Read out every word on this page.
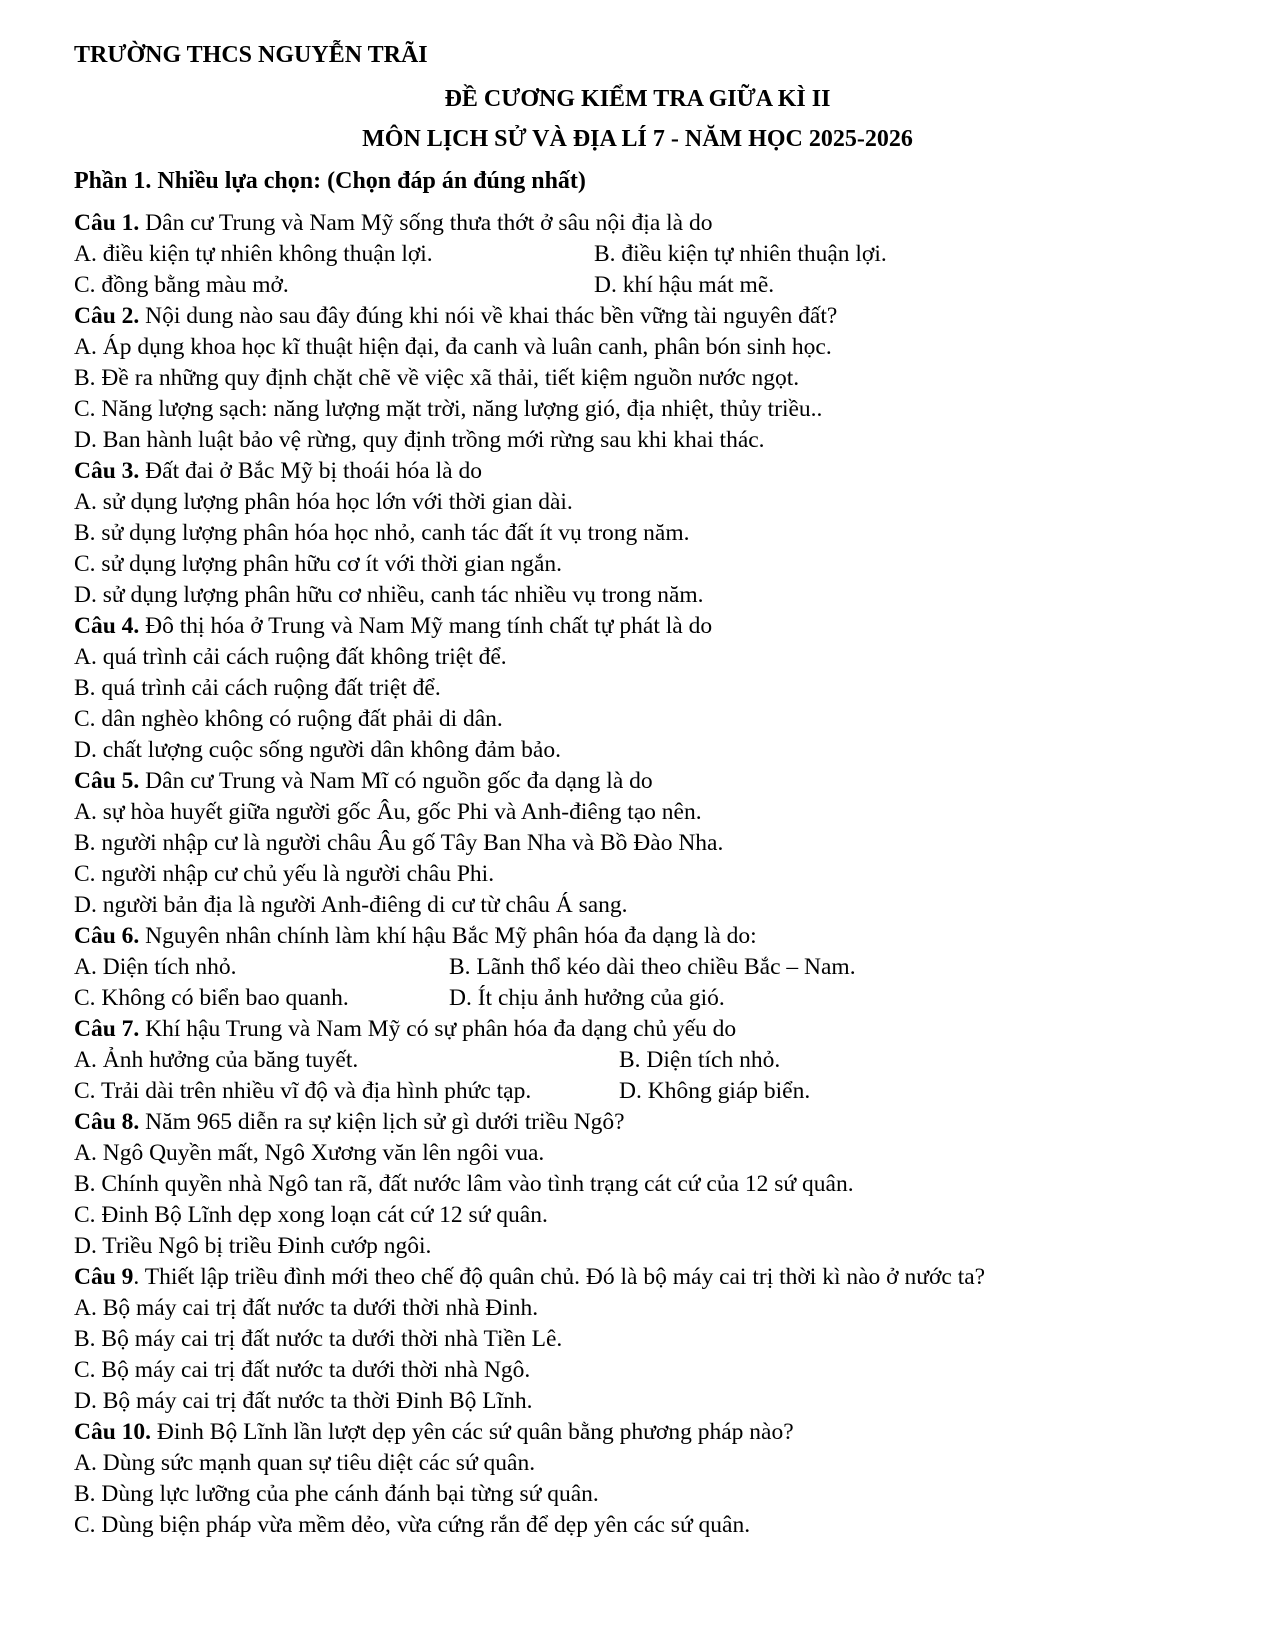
TRƯỜNG THCS NGUYỄN TRÃI
ĐỀ CƯƠNG KIỂM TRA GIỮA KÌ II
MÔN LỊCH SỬ VÀ ĐỊA LÍ 7 - NĂM HỌC 2025-2026
Phần 1. Nhiều lựa chọn: (Chọn đáp án đúng nhất)
Câu 1. Dân cư Trung và Nam Mỹ sống thưa thớt ở sâu nội địa là do
A. điều kiện tự nhiên không thuận lợi.	B. điều kiện tự nhiên thuận lợi.
C. đồng bằng màu mở.	D. khí hậu mát mẽ.
Câu 2. Nội dung nào sau đây đúng khi nói về khai thác bền vững tài nguyên đất?
A. Áp dụng khoa học kĩ thuật hiện đại, đa canh và luân canh, phân bón sinh học.
B. Đề ra những quy định chặt chẽ về việc xã thải, tiết kiệm nguồn nước ngọt.
C. Năng lượng sạch: năng lượng mặt trời, năng lượng gió, địa nhiệt, thủy triều..
D. Ban hành luật bảo vệ rừng, quy định trồng mới rừng sau khi khai thác.
Câu 3. Đất đai ở Bắc Mỹ bị thoái hóa là do
A. sử dụng lượng phân hóa học lớn với thời gian dài.
B. sử dụng lượng phân hóa học nhỏ, canh tác đất ít vụ trong năm.
C. sử dụng lượng phân hữu cơ ít với thời gian ngắn.
D. sử dụng lượng phân hữu cơ nhiều, canh tác nhiều vụ trong năm.
Câu 4. Đô thị hóa ở Trung và Nam Mỹ mang tính chất tự phát là do
A. quá trình cải cách ruộng đất không triệt để.
B. quá trình cải cách ruộng đất triệt để.
C. dân nghèo không có ruộng đất phải di dân.
D. chất lượng cuộc sống người dân không đảm bảo.
Câu 5. Dân cư Trung và Nam Mĩ có nguồn gốc đa dạng là do
A. sự hòa huyết giữa người gốc Âu, gốc Phi và Anh-điêng tạo nên.
B. người nhập cư là người châu Âu gố Tây Ban Nha và Bồ Đào Nha.
C. người nhập cư chủ yếu là người châu Phi.
D. người bản địa là người Anh-điêng di cư từ châu Á sang.
Câu 6. Nguyên nhân chính làm khí hậu Bắc Mỹ phân hóa đa dạng là do:
A. Diện tích nhỏ.	B. Lãnh thổ kéo dài theo chiều Bắc – Nam.
C. Không có biển bao quanh.	D. Ít chịu ảnh hưởng của gió.
Câu 7. Khí hậu Trung và Nam Mỹ có sự phân hóa đa dạng chủ yếu do
A. Ảnh hưởng của băng tuyết.	B. Diện tích nhỏ.
C. Trải dài trên nhiều vĩ độ và địa hình phức tạp.	D. Không giáp biển.
Câu 8. Năm 965 diễn ra sự kiện lịch sử gì dưới triều Ngô?
A. Ngô Quyền mất, Ngô Xương văn lên ngôi vua.
B. Chính quyền nhà Ngô tan rã, đất nước lâm vào tình trạng cát cứ của 12 sứ quân.
C. Đinh Bộ Lĩnh dẹp xong loạn cát cứ 12 sứ quân.
D. Triều Ngô bị triều Đinh cướp ngôi.
Câu 9. Thiết lập triều đình mới theo chế độ quân chủ. Đó là bộ máy cai trị thời kì nào ở nước ta?
A. Bộ máy cai trị đất nước ta dưới thời nhà Đinh.
B. Bộ máy cai trị đất nước ta dưới thời nhà Tiền Lê.
C. Bộ máy cai trị đất nước ta dưới thời nhà Ngô.
D. Bộ máy cai trị đất nước ta thời Đinh Bộ Lĩnh.
Câu 10. Đinh Bộ Lĩnh lần lượt dẹp yên các sứ quân bằng phương pháp nào?
A. Dùng sức mạnh quan sự tiêu diệt các sứ quân.
B. Dùng lực lưỡng của phe cánh đánh bại từng sứ quân.
C. Dùng biện pháp vừa mềm dẻo, vừa cứng rắn để dẹp yên các sứ quân.
